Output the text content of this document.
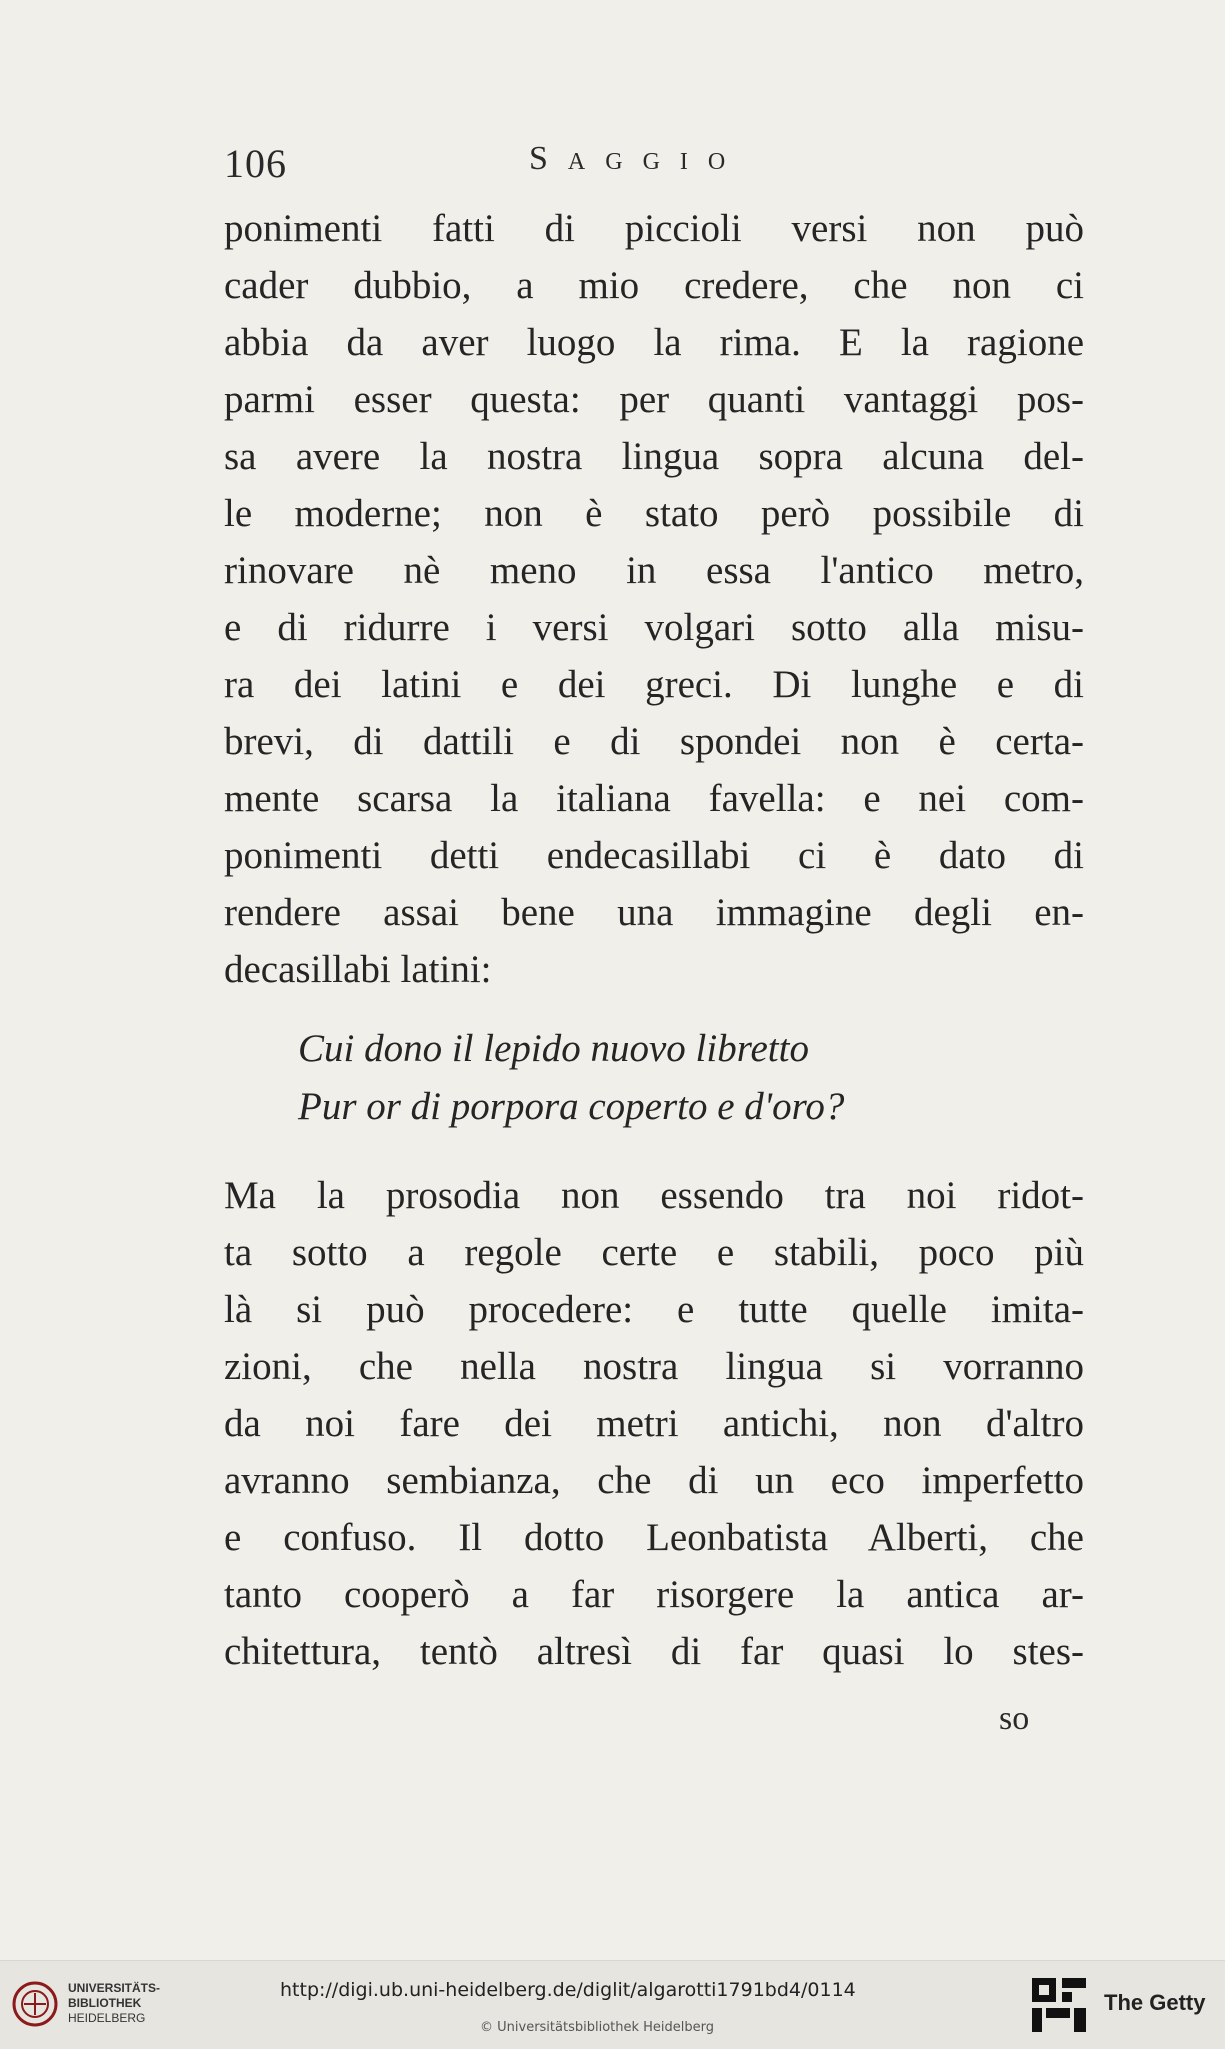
106	Saggio
ponimenti fatti di piccioli versi non può
cader dubbio, a mio credere, che non ci
abbia da aver luogo la rima. E la ragione
parmi esser questa: per quanti vantaggi pos-
sa avere la nostra lingua sopra alcuna del-
le moderne; non è stato però possibile di
rinovare nè meno in essa l'antico metro,
e di ridurre i versi volgari sotto alla misu-
ra dei latini e dei greci. Di lunghe e di
brevi, di dattili e di spondei non è certa-
mente scarsa la italiana favella: e nei com-
ponimenti detti endecasillabi ci è dato di
rendere assai bene una immagine degli en-
decasillabi latini:
Cui dono il lepido nuovo libretto
Pur or di porpora coperto e d'oro?
Ma la prosodia non essendo tra noi ridot-
ta sotto a regole certe e stabili, poco più
là si può procedere: e tutte quelle imita-
zioni, che nella nostra lingua si vorranno
da noi fare dei metri antichi, non d'altro
avranno sembianza, che di un eco imperfetto
e confuso. Il dotto Leonbatista Alberti, che
tanto cooperò a far risorgere la antica ar-
chitettura, tentò altresì di far quasi lo stes-
so
UNIVERSITÄTS-
BIBLIOTHEK
HEIDELBERG
http://digi.ub.uni-heidelberg.de/diglit/algarotti1791bd4/0114
© Universitätsbibliothek Heidelberg
The Getty
